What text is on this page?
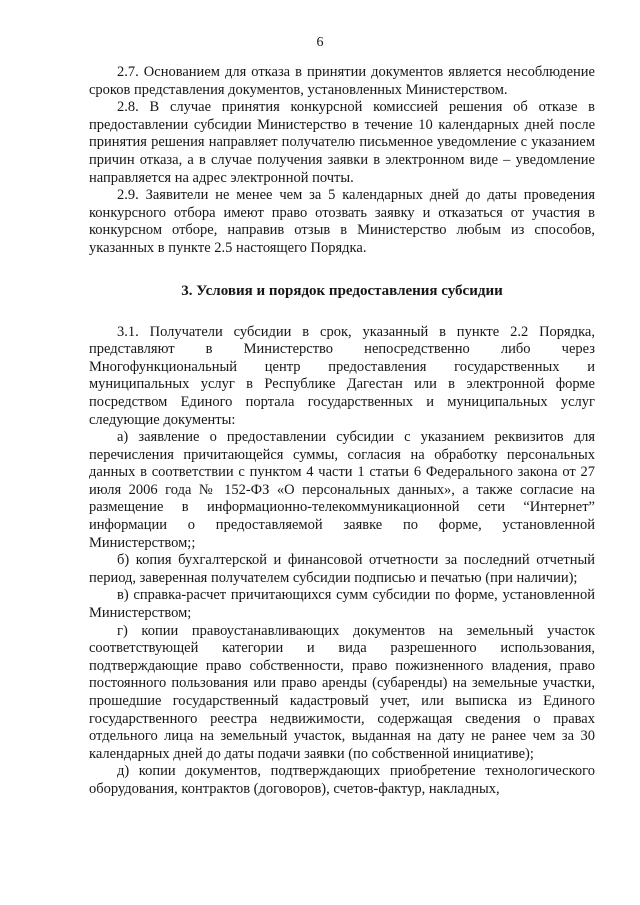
6

2.7. Основанием для отказа в принятии документов является несоблюдение сроков представления документов, установленных Министерством.

2.8. В случае принятия конкурсной комиссией решения об отказе в предоставлении субсидии Министерство в течение 10 календарных дней после принятия решения направляет получателю письменное уведомление с указанием причин отказа, а в случае получения заявки в электронном виде – уведомление направляется на адрес электронной почты.

2.9. Заявители не менее чем за 5 календарных дней до даты проведения конкурсного отбора имеют право отозвать заявку и отказаться от участия в конкурсном отборе, направив отзыв в Министерство любым из способов, указанных в пункте 2.5 настоящего Порядка.

3. Условия и порядок предоставления субсидии

3.1. Получатели субсидии в срок, указанный в пункте 2.2 Порядка, представляют в Министерство непосредственно либо через Многофункциональный центр предоставления государственных и муниципальных услуг в Республике Дагестан или в электронной форме посредством Единого портала государственных и муниципальных услуг следующие документы:

а) заявление о предоставлении субсидии с указанием реквизитов для перечисления причитающейся суммы, согласия на обработку персональных данных в соответствии с пунктом 4 части 1 статьи 6 Федерального закона от 27 июля 2006 года № 152-ФЗ «О персональных данных», а также согласие на размещение в информационно-телекоммуникационной сети “Интернет” информации о предоставляемой заявке по форме, установленной Министерством;;

б) копия бухгалтерской и финансовой отчетности за последний отчетный период, заверенная получателем субсидии подписью и печатью (при наличии);

в) справка-расчет причитающихся сумм субсидии по форме, установленной Министерством;

г) копии правоустанавливающих документов на земельный участок соответствующей категории и вида разрешенного использования, подтверждающие право собственности, право пожизненного владения, право постоянного пользования или право аренды (субаренды) на земельные участки, прошедшие государственный кадастровый учет, или выписка из Единого государственного реестра недвижимости, содержащая сведения о правах отдельного лица на земельный участок, выданная на дату не ранее чем за 30 календарных дней до даты подачи заявки (по собственной инициативе);

д) копии документов, подтверждающих приобретение технологического оборудования, контрактов (договоров), счетов-фактур, накладных,
